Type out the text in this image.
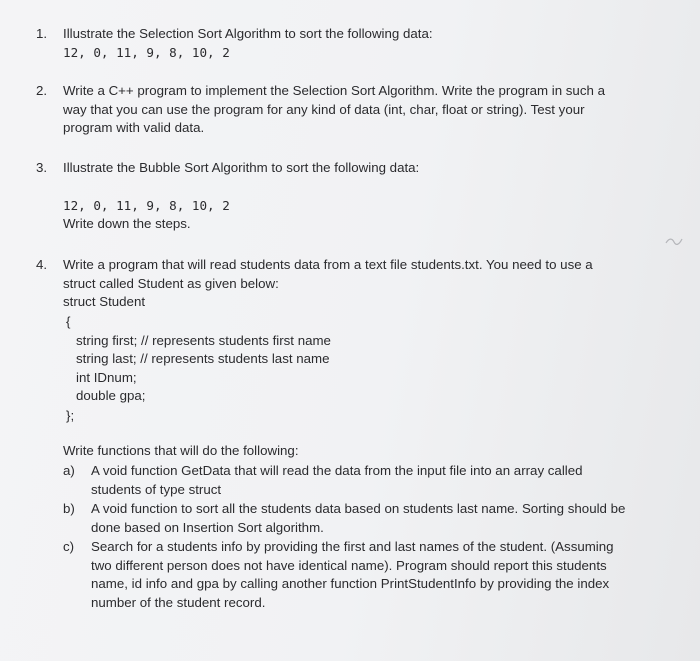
1. Illustrate the Selection Sort Algorithm to sort the following data:
12, 0, 11, 9, 8, 10, 2
2. Write a C++ program to implement the Selection Sort Algorithm. Write the program in such a
way that you can use the program for any kind of data (int, char, float or string). Test your
program with valid data.
3. Illustrate the Bubble Sort Algorithm to sort the following data:
12, 0, 11, 9, 8, 10, 2
Write down the steps.
4. Write a program that will read students data from a text file students.txt. You need to use a
struct called Student as given below:
struct Student
{
string first; // represents students first name
string last; // represents students last name
int IDnum;
double gpa;
};
Write functions that will do the following:
a) A void function GetData that will read the data from the input file into an array called
students of type struct
b) A void function to sort all the students data based on students last name. Sorting should be
done based on Insertion Sort algorithm.
c) Search for a students info by providing the first and last names of the student. (Assuming
two different person does not have identical name). Program should report this students
name, id info and gpa by calling another function PrintStudentInfo by providing the index
number of the student record.
